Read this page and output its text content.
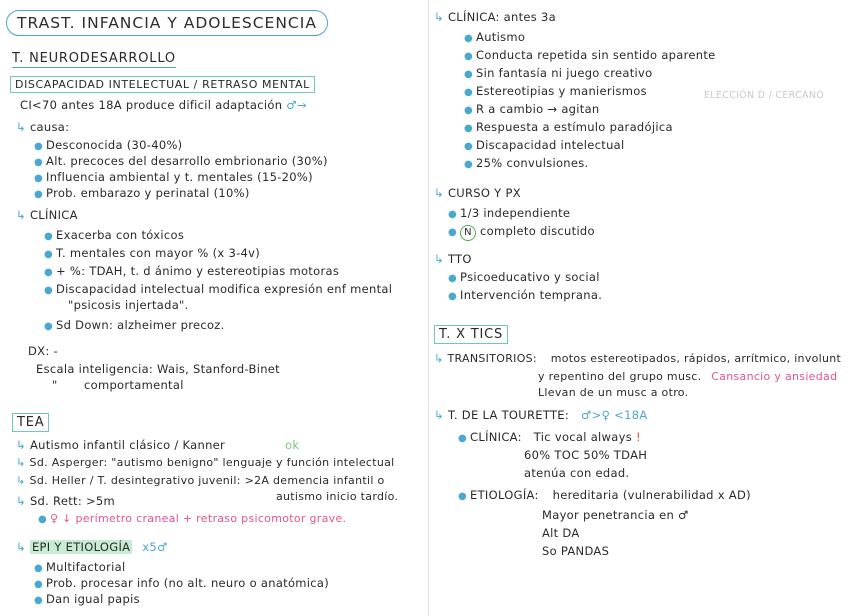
TRAST. INFANCIA Y ADOLESCENCIA
T. NEURODESARROLLO
DISCAPACIDAD INTELECTUAL / RETRASO MENTAL
CI<70 antes 18A produce dificil adaptación ♂→
↳ causa:
● Desconocida (30-40%)
● Alt. precoces del desarrollo embrionario (30%)
● Influencia ambiental y t. mentales (15-20%)
● Prob. embarazo y perinatal (10%)
↳ CLÍNICA
● Exacerba con tóxicos
● T. mentales con mayor % (x 3-4v)
● + %: TDAH, t. d ánimo y estereotipias motoras
● Discapacidad intelectual modifica expresión enf mental
"psicosis injertada".
● Sd Down: alzheimer precoz.
DX: -
Escala inteligencia: Wais, Stanford-Binet
" comportamental
TEA
↳ Autismo infantil clásico / Kanner	ok
↳ Sd. Asperger: "autismo benigno" lenguaje y función intelectual
↳ Sd. Heller / T. desintegrativo juvenil: >2A demencia infantil o
autismo inicio tardío.
↳ Sd. Rett: >5m
● ♀ ↓ perímetro craneal + retraso psicomotor grave.
↳ EPI Y ETIOLOGÍA x5♂
● Multifactorial
● Prob. procesar info (no alt. neuro o anatómica)
● Dan igual papis
↳ CLÍNICA: antes 3a
● Autismo
● Conducta repetida sin sentido aparente
● Sin fantasía ni juego creativo
● Estereotipias y manierismos
● R a cambio → agitan
● Respuesta a estímulo paradójica
● Discapacidad intelectual
● 25% convulsiones.
ELECCIÓN D / CERCANO
↳ CURSO Y PX
● 1/3 independiente
● N completo discutido
↳ TTO
● Psicoeducativo y social
● Intervención temprana.
T. X TICS
↳ TRANSITORIOS: motos estereotipados, rápidos, arrítmico, involunt
y repentino del grupo musc. Cansancio y ansiedad
Llevan de un musc a otro.
↳ T. DE LA TOURETTE: ♂>♀ <18A
● CLÍNICA: Tic vocal always !
60% TOC 50% TDAH
atenúa con edad.
● ETIOLOGÍA: hereditaria (vulnerabilidad x AD)
Mayor penetrancia en ♂
Alt DA
So PANDAS
